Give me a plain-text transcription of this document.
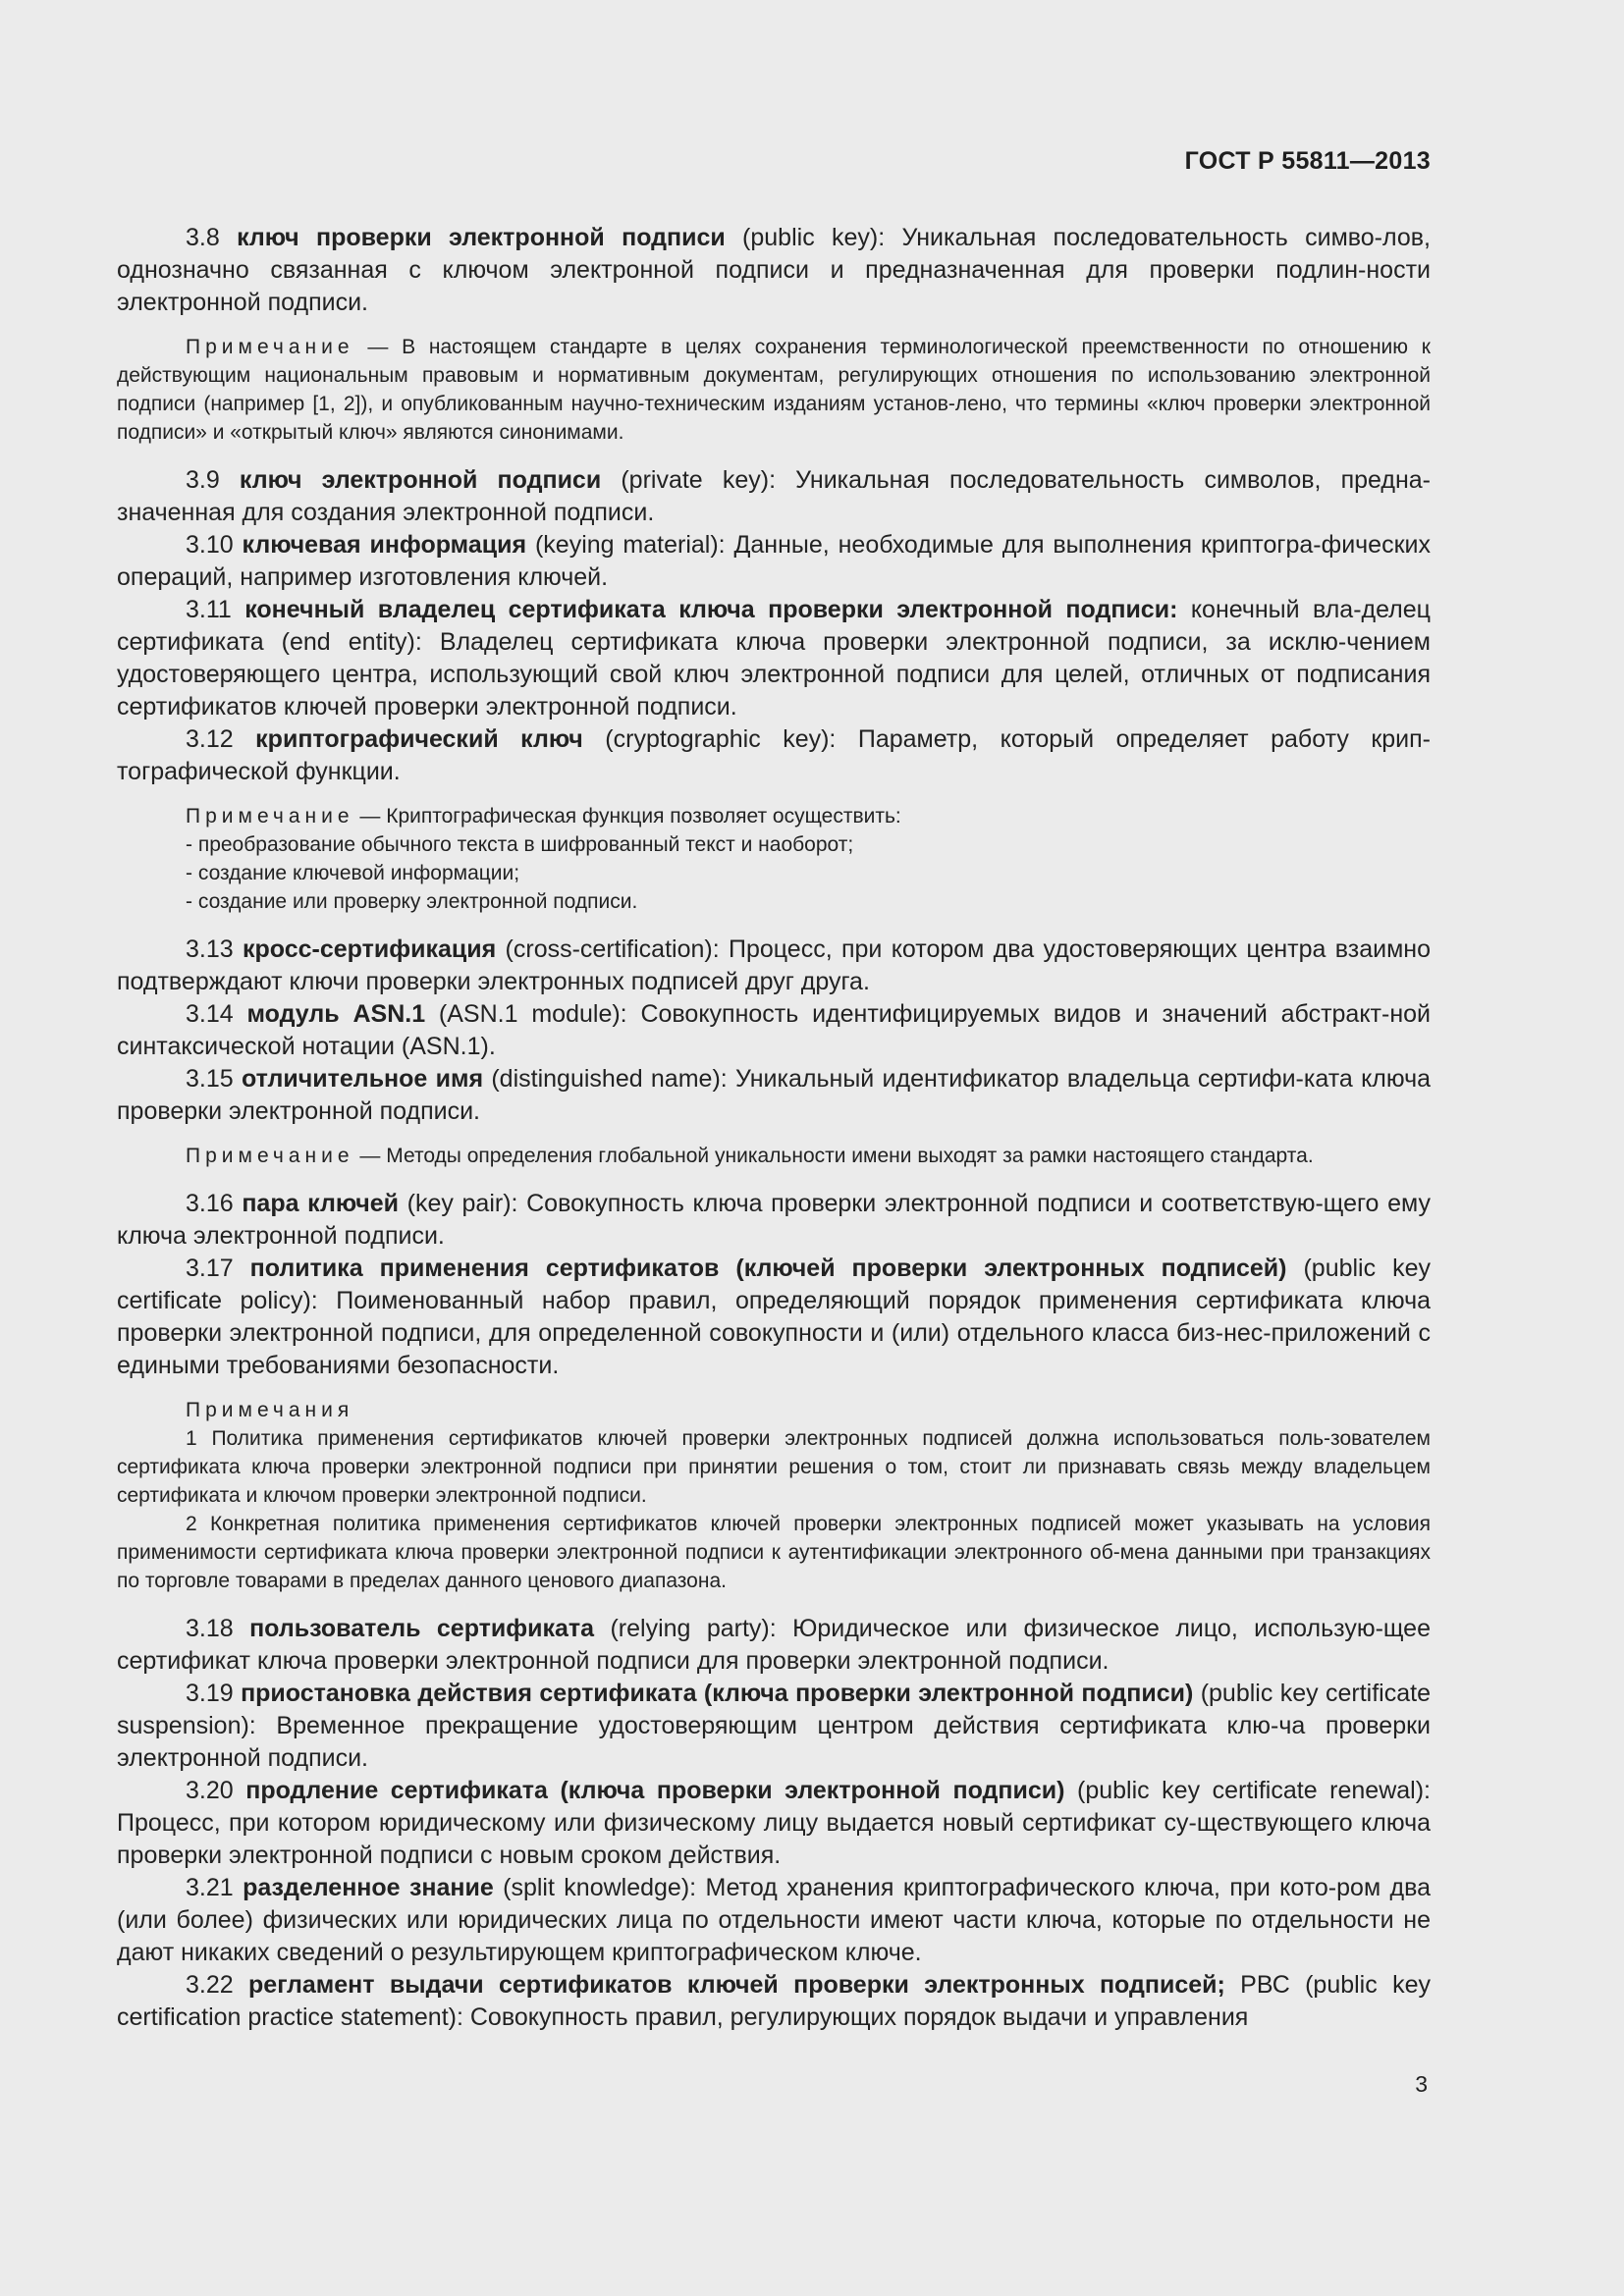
ГОСТ Р 55811—2013

3.8 ключ проверки электронной подписи (public key): Уникальная последовательность симво-лов, однозначно связанная с ключом электронной подписи и предназначенная для проверки подлин-ности электронной подписи.

Примечание — В настоящем стандарте в целях сохранения терминологической преемственности по отношению к действующим национальным правовым и нормативным документам, регулирующих отношения по использованию электронной подписи (например [1, 2]), и опубликованным научно-техническим изданиям установ-лено, что термины «ключ проверки электронной подписи» и «открытый ключ» являются синонимами.

3.9 ключ электронной подписи (private key): Уникальная последовательность символов, предна-значенная для создания электронной подписи.

3.10 ключевая информация (keying material): Данные, необходимые для выполнения криптогра-фических операций, например изготовления ключей.

3.11 конечный владелец сертификата ключа проверки электронной подписи: конечный вла-делец сертификата (end entity): Владелец сертификата ключа проверки электронной подписи, за исклю-чением удостоверяющего центра, использующий свой ключ электронной подписи для целей, отличных от подписания сертификатов ключей проверки электронной подписи.

3.12 криптографический ключ (cryptographic key): Параметр, который определяет работу крип-тографической функции.

Примечание — Криптографическая функция позволяет осуществить:

- преобразование обычного текста в шифрованный текст и наоборот;

- создание ключевой информации;

- создание или проверку электронной подписи.

3.13 кросс-сертификация (cross-certification): Процесс, при котором два удостоверяющих центра взаимно подтверждают ключи проверки электронных подписей друг друга.

3.14 модуль ASN.1 (ASN.1 module): Совокупность идентифицируемых видов и значений абстракт-ной синтаксической нотации (ASN.1).

3.15 отличительное имя (distinguished name): Уникальный идентификатор владельца сертифи-ката ключа проверки электронной подписи.

Примечание — Методы определения глобальной уникальности имени выходят за рамки настоящего стандарта.

3.16 пара ключей (key pair): Совокупность ключа проверки электронной подписи и соответствую-щего ему ключа электронной подписи.

3.17 политика применения сертификатов (ключей проверки электронных подписей) (public key certificate policy): Поименованный набор правил, определяющий порядок применения сертификата ключа проверки электронной подписи, для определенной совокупности и (или) отдельного класса биз-нес-приложений с едиными требованиями безопасности.

Примечания

1 Политика применения сертификатов ключей проверки электронных подписей должна использоваться поль-зователем сертификата ключа проверки электронной подписи при принятии решения о том, стоит ли признавать связь между владельцем сертификата и ключом проверки электронной подписи.

2 Конкретная политика применения сертификатов ключей проверки электронных подписей может указывать на условия применимости сертификата ключа проверки электронной подписи к аутентификации электронного об-мена данными при транзакциях по торговле товарами в пределах данного ценового диапазона.

3.18 пользователь сертификата (relying party): Юридическое или физическое лицо, использую-щее сертификат ключа проверки электронной подписи для проверки электронной подписи.

3.19 приостановка действия сертификата (ключа проверки электронной подписи) (public key certificate suspension): Временное прекращение удостоверяющим центром действия сертификата клю-ча проверки электронной подписи.

3.20 продление сертификата (ключа проверки электронной подписи) (public key certificate renewal): Процесс, при котором юридическому или физическому лицу выдается новый сертификат су-ществующего ключа проверки электронной подписи с новым сроком действия.

3.21 разделенное знание (split knowledge): Метод хранения криптографического ключа, при кото-ром два (или более) физических или юридических лица по отдельности имеют части ключа, которые по отдельности не дают никаких сведений о результирующем криптографическом ключе.

3.22 регламент выдачи сертификатов ключей проверки электронных подписей; РВС (public key certification practice statement): Совокупность правил, регулирующих порядок выдачи и управления

3
